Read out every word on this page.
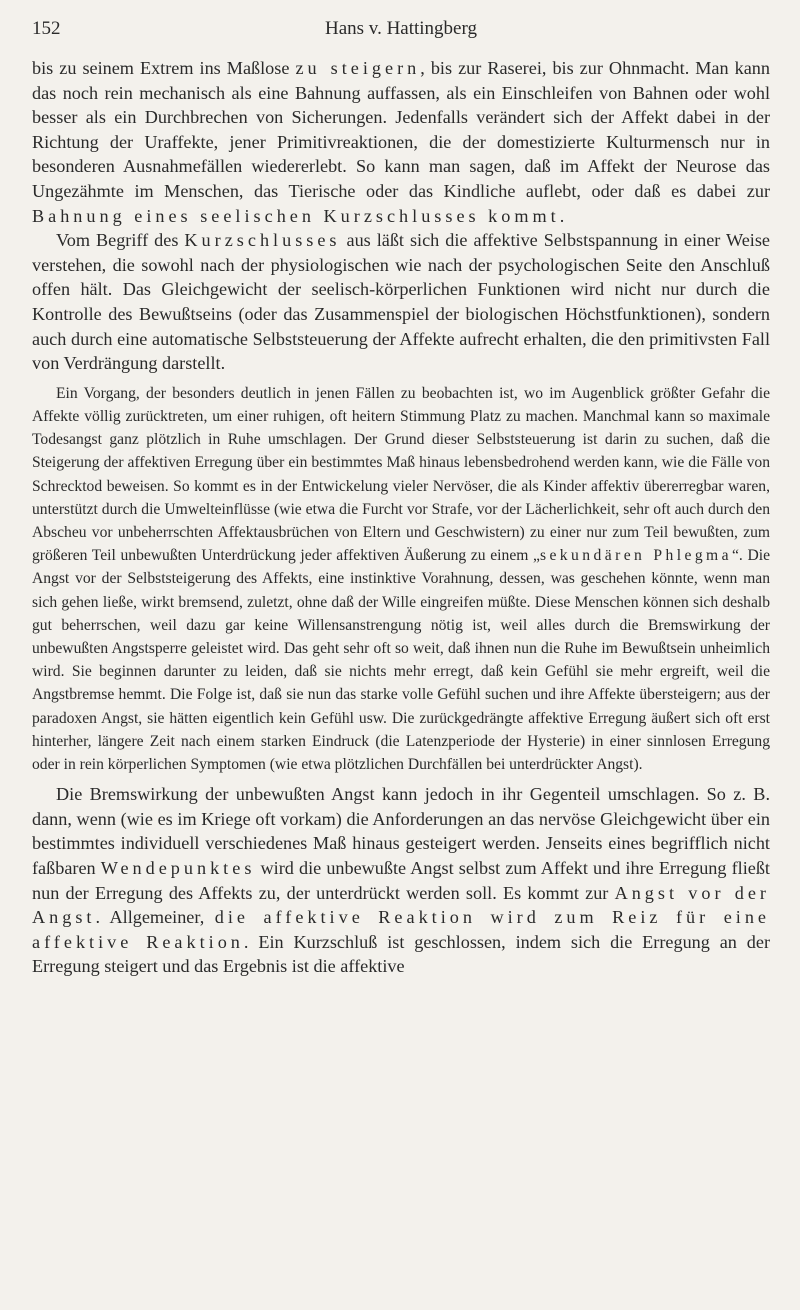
152	Hans v. Hattingberg

bis zu seinem Extrem ins Maßlose zu steigern, bis zur Raserei, bis zur Ohnmacht. Man kann das noch rein mechanisch als eine Bahnung auffassen, als ein Einschleifen von Bahnen oder wohl besser als ein Durchbrechen von Sicherungen. Jedenfalls verändert sich der Affekt dabei in der Richtung der Uraffekte, jener Primitivreaktionen, die der domestizierte Kulturmensch nur in besonderen Ausnahmefällen wiedererlebt. So kann man sagen, daß im Affekt der Neurose das Ungezähmte im Menschen, das Tierische oder das Kindliche auflebt, oder daß es dabei zur Bahnung eines seelischen Kurzschlusses kommt.

Vom Begriff des Kurzschlusses aus läßt sich die affektive Selbstspannung in einer Weise verstehen, die sowohl nach der physiologischen wie nach der psychologischen Seite den Anschluß offen hält. Das Gleichgewicht der seelisch-körperlichen Funktionen wird nicht nur durch die Kontrolle des Bewußtseins (oder das Zusammenspiel der biologischen Höchstfunktionen), sondern auch durch eine automatische Selbststeuerung der Affekte aufrecht erhalten, die den primitivsten Fall von Verdrängung darstellt.

Ein Vorgang, der besonders deutlich in jenen Fällen zu beobachten ist, wo im Augenblick größter Gefahr die Affekte völlig zurücktreten, um einer ruhigen, oft heitern Stimmung Platz zu machen. Manchmal kann so maximale Todesangst ganz plötzlich in Ruhe umschlagen. Der Grund dieser Selbststeuerung ist darin zu suchen, daß die Steigerung der affektiven Erregung über ein bestimmtes Maß hinaus lebensbedrohend werden kann, wie die Fälle von Schrecktod beweisen. So kommt es in der Entwickelung vieler Nervöser, die als Kinder affektiv übererregbar waren, unterstützt durch die Umwelteinflüsse (wie etwa die Furcht vor Strafe, vor der Lächerlichkeit, sehr oft auch durch den Abscheu vor unbeherrschten Affektausbrüchen von Eltern und Geschwistern) zu einer nur zum Teil bewußten, zum größeren Teil unbewußten Unterdrückung jeder affektiven Äußerung zu einem „sekundären Phlegma“. Die Angst vor der Selbststeigerung des Affekts, eine instinktive Vorahnung, dessen, was geschehen könnte, wenn man sich gehen ließe, wirkt bremsend, zuletzt, ohne daß der Wille eingreifen müßte. Diese Menschen können sich deshalb gut beherrschen, weil dazu gar keine Willensanstrengung nötig ist, weil alles durch die Bremswirkung der unbewußten Angstsperre geleistet wird. Das geht sehr oft so weit, daß ihnen nun die Ruhe im Bewußtsein unheimlich wird. Sie beginnen darunter zu leiden, daß sie nichts mehr erregt, daß kein Gefühl sie mehr ergreift, weil die Angstbremse hemmt. Die Folge ist, daß sie nun das starke volle Gefühl suchen und ihre Affekte übersteigern; aus der paradoxen Angst, sie hätten eigentlich kein Gefühl usw. Die zurückgedrängte affektive Erregung äußert sich oft erst hinterher, längere Zeit nach einem starken Eindruck (die Latenzperiode der Hysterie) in einer sinnlosen Erregung oder in rein körperlichen Symptomen (wie etwa plötzlichen Durchfällen bei unterdrückter Angst).

Die Bremswirkung der unbewußten Angst kann jedoch in ihr Gegenteil umschlagen. So z. B. dann, wenn (wie es im Kriege oft vorkam) die Anforderungen an das nervöse Gleichgewicht über ein bestimmtes individuell verschiedenes Maß hinaus gesteigert werden. Jenseits eines begrifflich nicht faßbaren Wendepunktes wird die unbewußte Angst selbst zum Affekt und ihre Erregung fließt nun der Erregung des Affekts zu, der unterdrückt werden soll. Es kommt zur Angst vor der Angst. Allgemeiner, die affektive Reaktion wird zum Reiz für eine affektive Reaktion. Ein Kurzschluß ist geschlossen, indem sich die Erregung an der Erregung steigert und das Ergebnis ist die affektive
